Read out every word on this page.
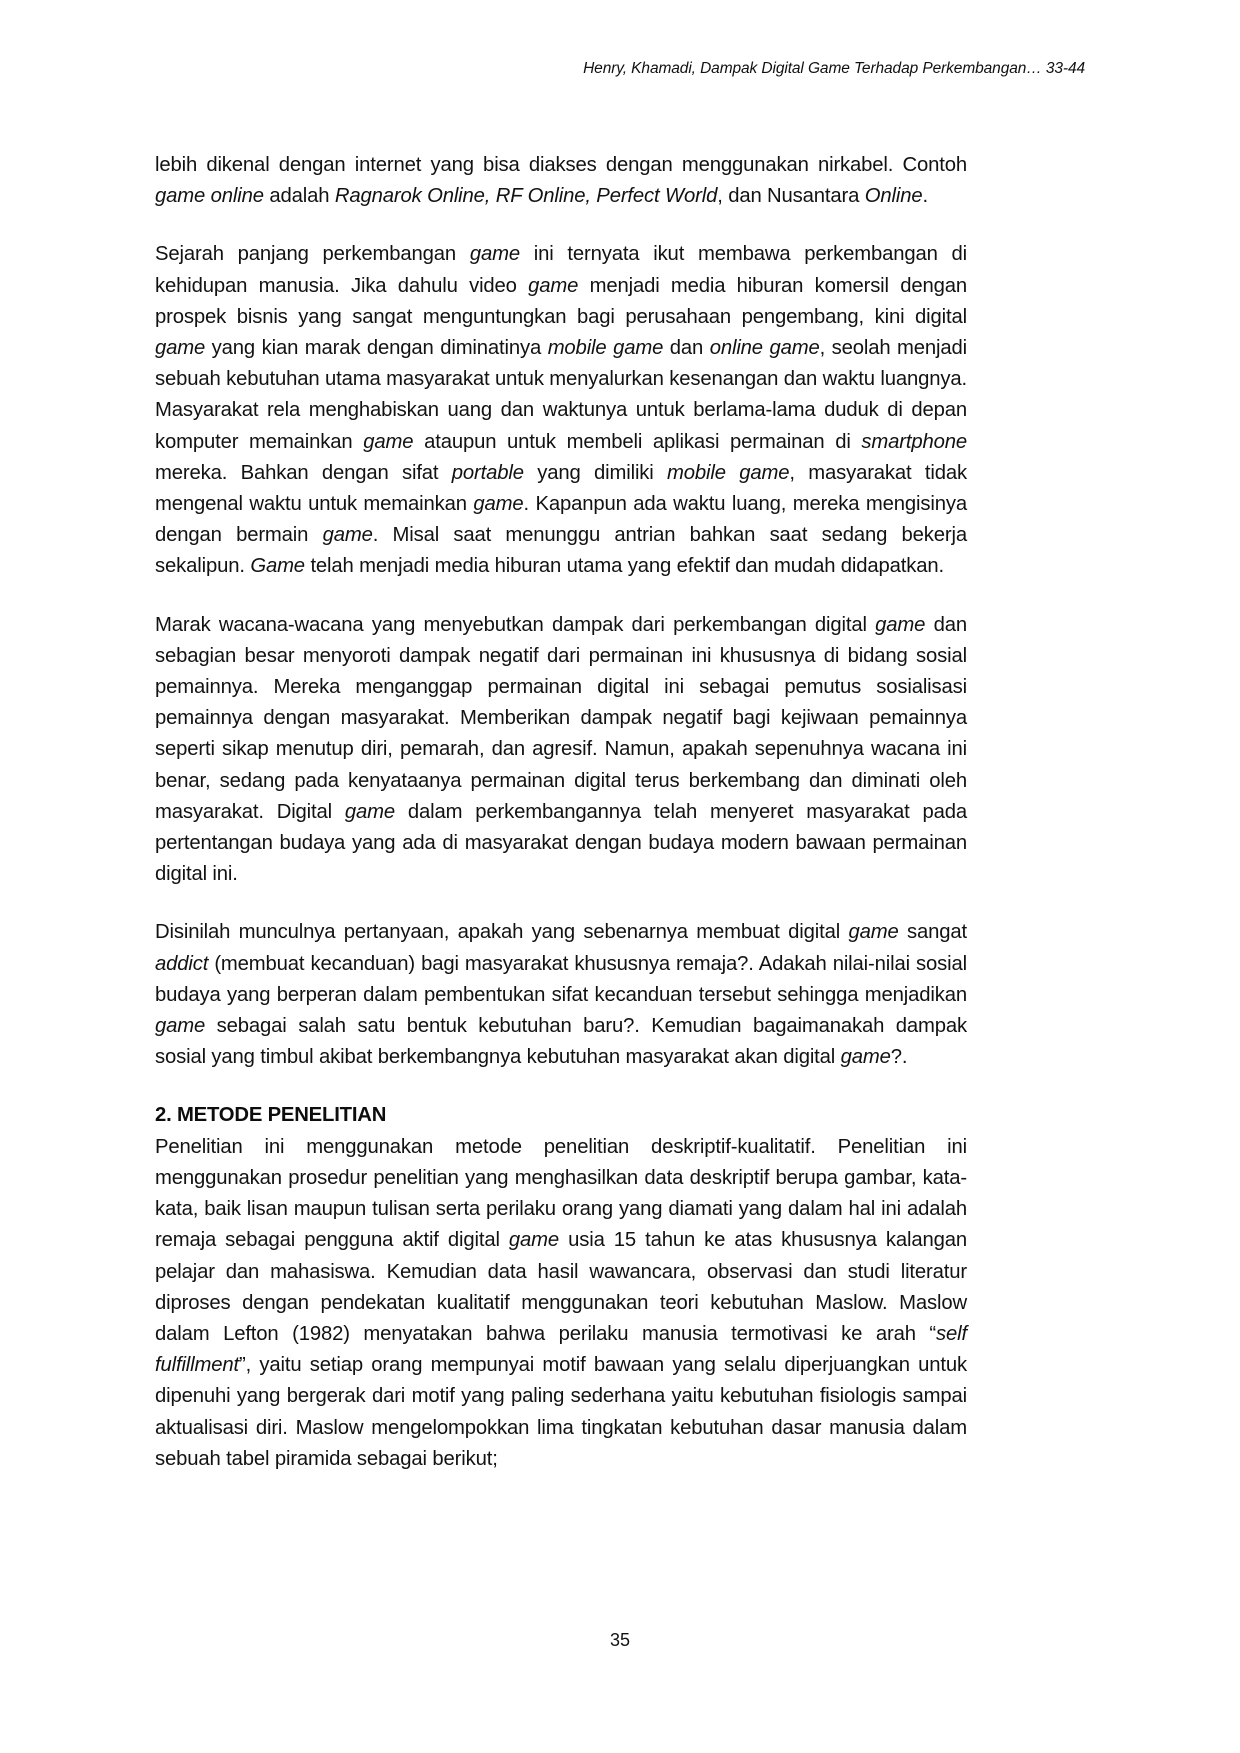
Henry, Khamadi, Dampak Digital Game Terhadap Perkembangan… 33-44

lebih dikenal dengan internet yang bisa diakses dengan menggunakan nirkabel. Contoh game online adalah Ragnarok Online, RF Online, Perfect World, dan Nusantara Online.

Sejarah panjang perkembangan game ini ternyata ikut membawa perkembangan di kehidupan manusia. Jika dahulu video game menjadi media hiburan komersil dengan prospek bisnis yang sangat menguntungkan bagi perusahaan pengembang, kini digital game yang kian marak dengan diminatinya mobile game dan online game, seolah menjadi sebuah kebutuhan utama masyarakat untuk menyalurkan kesenangan dan waktu luangnya. Masyarakat rela menghabiskan uang dan waktunya untuk berlama-lama duduk di depan komputer memainkan game ataupun untuk membeli aplikasi permainan di smartphone mereka. Bahkan dengan sifat portable yang dimiliki mobile game, masyarakat tidak mengenal waktu untuk memainkan game. Kapanpun ada waktu luang, mereka mengisinya dengan bermain game. Misal saat menunggu antrian bahkan saat sedang bekerja sekalipun. Game telah menjadi media hiburan utama yang efektif dan mudah didapatkan.

Marak wacana-wacana yang menyebutkan dampak dari perkembangan digital game dan sebagian besar menyoroti dampak negatif dari permainan ini khususnya di bidang sosial pemainnya. Mereka menganggap permainan digital ini sebagai pemutus sosialisasi pemainnya dengan masyarakat. Memberikan dampak negatif bagi kejiwaan pemainnya seperti sikap menutup diri, pemarah, dan agresif. Namun, apakah sepenuhnya wacana ini benar, sedang pada kenyataanya permainan digital terus berkembang dan diminati oleh masyarakat. Digital game dalam perkembangannya telah menyeret masyarakat pada pertentangan budaya yang ada di masyarakat dengan budaya modern bawaan permainan digital ini.

Disinilah munculnya pertanyaan, apakah yang sebenarnya membuat digital game sangat addict (membuat kecanduan) bagi masyarakat khususnya remaja?. Adakah nilai-nilai sosial budaya yang berperan dalam pembentukan sifat kecanduan tersebut sehingga menjadikan game sebagai salah satu bentuk kebutuhan baru?. Kemudian bagaimanakah dampak sosial yang timbul akibat berkembangnya kebutuhan masyarakat akan digital game?.

2. METODE PENELITIAN

Penelitian ini menggunakan metode penelitian deskriptif-kualitatif. Penelitian ini menggunakan prosedur penelitian yang menghasilkan data deskriptif berupa gambar, kata-kata, baik lisan maupun tulisan serta perilaku orang yang diamati yang dalam hal ini adalah remaja sebagai pengguna aktif digital game usia 15 tahun ke atas khususnya kalangan pelajar dan mahasiswa. Kemudian data hasil wawancara, observasi dan studi literatur diproses dengan pendekatan kualitatif menggunakan teori kebutuhan Maslow. Maslow dalam Lefton (1982) menyatakan bahwa perilaku manusia termotivasi ke arah “self fulfillment”, yaitu setiap orang mempunyai motif bawaan yang selalu diperjuangkan untuk dipenuhi yang bergerak dari motif yang paling sederhana yaitu kebutuhan fisiologis sampai aktualisasi diri. Maslow mengelompokkan lima tingkatan kebutuhan dasar manusia dalam sebuah tabel piramida sebagai berikut;

35
